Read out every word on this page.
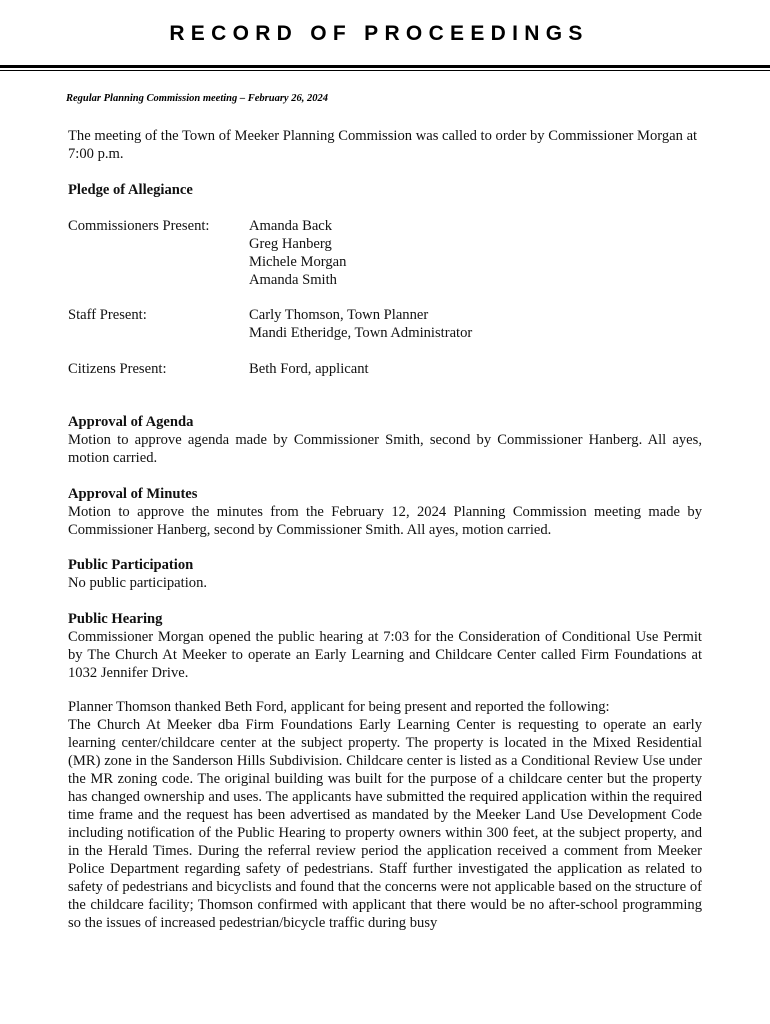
RECORD OF PROCEEDINGS
Regular Planning Commission meeting – February 26, 2024

The meeting of the Town of Meeker Planning Commission was called to order by Commissioner Morgan at 7:00 p.m.

Pledge of Allegiance
Commissioners Present:	Amanda Back
Greg Hanberg
Michele Morgan
Amanda Smith
Staff Present:	Carly Thomson, Town Planner
Mandi Etheridge, Town Administrator
Citizens Present:	Beth Ford, applicant
Approval of Agenda
Motion to approve agenda made by Commissioner Smith, second by Commissioner Hanberg. All ayes, motion carried.
Approval of Minutes
Motion to approve the minutes from the February 12, 2024 Planning Commission meeting made by Commissioner Hanberg, second by Commissioner Smith. All ayes, motion carried.
Public Participation
No public participation.
Public Hearing
Commissioner Morgan opened the public hearing at 7:03 for the Consideration of Conditional Use Permit by The Church At Meeker to operate an Early Learning and Childcare Center called Firm Foundations at 1032 Jennifer Drive.
Planner Thomson thanked Beth Ford, applicant for being present and reported the following:
The Church At Meeker dba Firm Foundations Early Learning Center is requesting to operate an early learning center/childcare center at the subject property. The property is located in the Mixed Residential (MR) zone in the Sanderson Hills Subdivision. Childcare center is listed as a Conditional Review Use under the MR zoning code. The original building was built for the purpose of a childcare center but the property has changed ownership and uses. The applicants have submitted the required application within the required time frame and the request has been advertised as mandated by the Meeker Land Use Development Code including notification of the Public Hearing to property owners within 300 feet, at the subject property, and in the Herald Times. During the referral review period the application received a comment from Meeker Police Department regarding safety of pedestrians. Staff further investigated the application as related to safety of pedestrians and bicyclists and found that the concerns were not applicable based on the structure of the childcare facility; Thomson confirmed with applicant that there would be no after-school programming so the issues of increased pedestrian/bicycle traffic during busy
